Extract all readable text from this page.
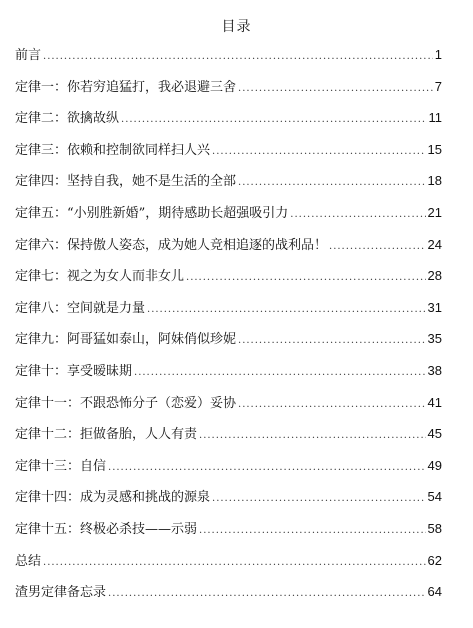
目录
前言 .....	1
定律一：你若穷追猛打，我必退避三舍 .....	7
定律二：欲擒故纵 .....	11
定律三：依赖和控制欲同样扫人兴 .....	15
定律四：坚持自我，她不是生活的全部 .....	18
定律五：“小别胜新婚”，期待感助长超强吸引力 .....	21
定律六：保持傲人姿态，成为她人竞相追逐的战利品！ .....	24
定律七：视之为女人而非女儿 .....	28
定律八：空间就是力量 .....	31
定律九：阿哥猛如泰山，阿妹俏似珍妮 .....	35
定律十：享受暧昧期 .....	38
定律十一：不跟恐怖分子（恋爱）妥协 .....	41
定律十二：拒做备胎，人人有责 .....	45
定律十三：自信 .....	49
定律十四：成为灵感和挑战的源泉 .....	54
定律十五：终极必杀技——示弱 .....	58
总结 .....	62
渣男定律备忘录 .....	64
